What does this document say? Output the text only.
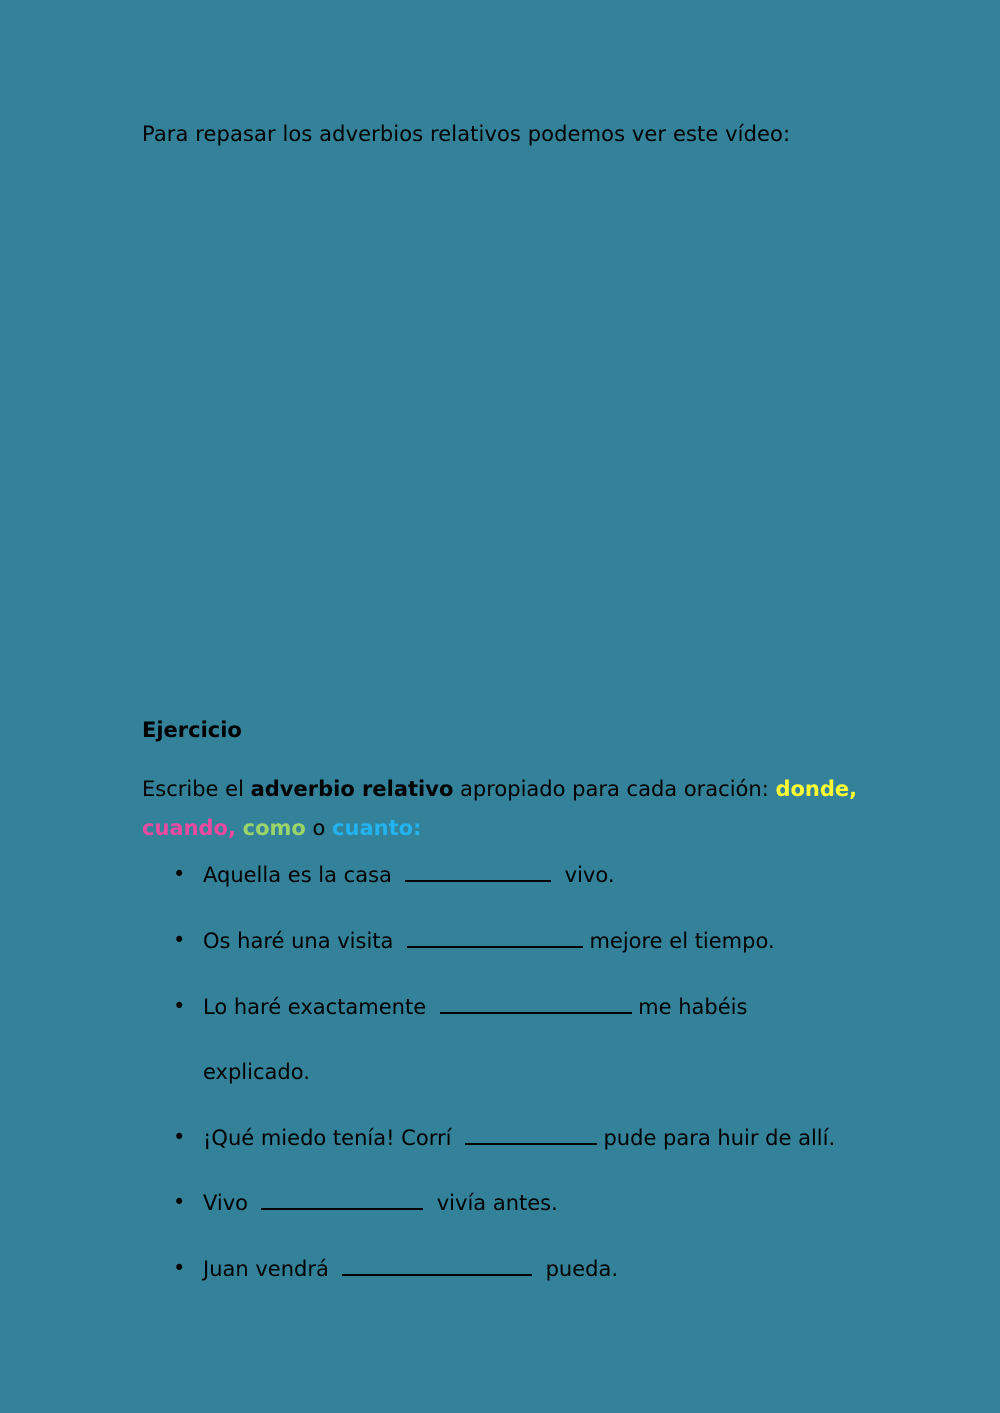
Para repasar los adverbios relativos podemos ver este vídeo:
Ejercicio
Escribe el adverbio relativo apropiado para cada oración: donde,
cuando, como o cuanto:
• Aquella es la casa	vivo.
• Os haré una visita	mejore el tiempo.
• Lo haré exactamente	me habéis
explicado.
• ¡Qué miedo tenía! Corrí	pude para huir de allí.
• Vivo	vivía antes.
• Juan vendrá	pueda.
